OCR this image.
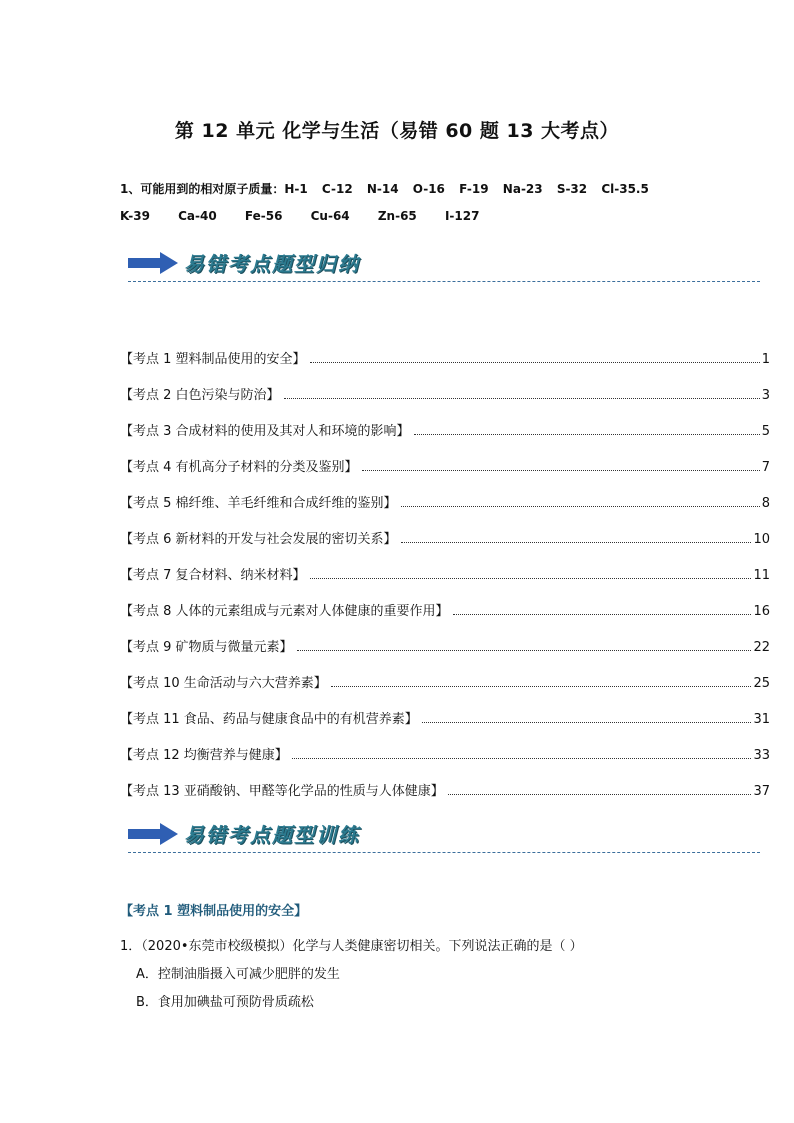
第 12 单元 化学与生活（易错 60 题 13 大考点）
1、可能用到的相对原子质量：H-1 C-12 N-14 O-16 F-19 Na-23 S-32 Cl-35.5
K-39 Ca-40 Fe-56 Cu-64 Zn-65 I-127
易错考点题型归纳
【考点 1 塑料制品使用的安全】	1
【考点 2 白色污染与防治】	3
【考点 3 合成材料的使用及其对人和环境的影响】	5
【考点 4 有机高分子材料的分类及鉴别】	7
【考点 5 棉纤维、羊毛纤维和合成纤维的鉴别】	8
【考点 6 新材料的开发与社会发展的密切关系】	10
【考点 7 复合材料、纳米材料】	11
【考点 8 人体的元素组成与元素对人体健康的重要作用】	16
【考点 9 矿物质与微量元素】	22
【考点 10 生命活动与六大营养素】	25
【考点 11 食品、药品与健康食品中的有机营养素】	31
【考点 12 均衡营养与健康】	33
【考点 13 亚硝酸钠、甲醛等化学品的性质与人体健康】	37
易错考点题型训练
【考点 1 塑料制品使用的安全】
1．（2020•东莞市校级模拟）化学与人类健康密切相关。下列说法正确的是（ ）
A．控制油脂摄入可减少肥胖的发生
B．食用加碘盐可预防骨质疏松
